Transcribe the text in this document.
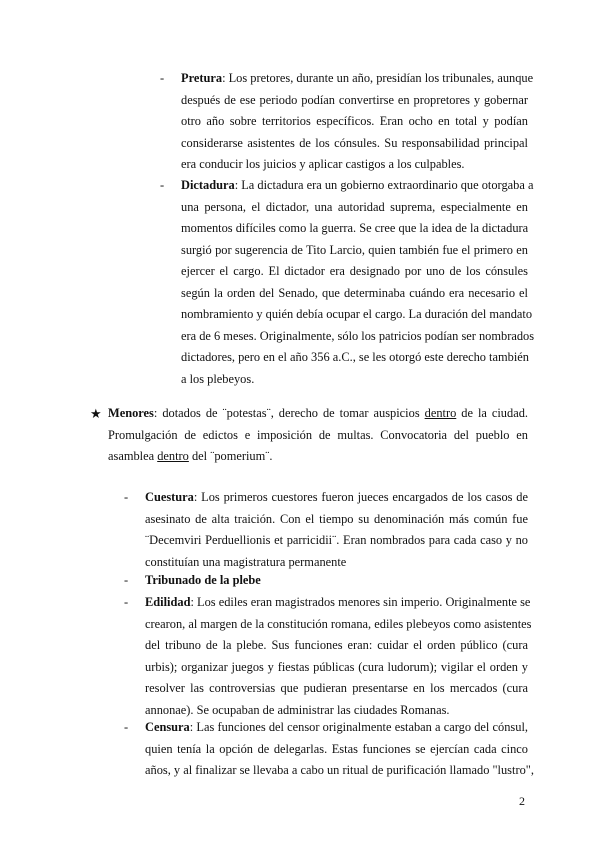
-	Pretura: Los pretores, durante un año, presidían los tribunales, aunque
después de ese periodo podían convertirse en propretores y gobernar
otro año sobre territorios específicos. Eran ocho en total y podían
considerarse asistentes de los cónsules. Su responsabilidad principal
era conducir los juicios y aplicar castigos a los culpables.
-	Dictadura: La dictadura era un gobierno extraordinario que otorgaba a
una persona, el dictador, una autoridad suprema, especialmente en
momentos difíciles como la guerra. Se cree que la idea de la dictadura
surgió por sugerencia de Tito Larcio, quien también fue el primero en
ejercer el cargo. El dictador era designado por uno de los cónsules
según la orden del Senado, que determinaba cuándo era necesario el
nombramiento y quién debía ocupar el cargo. La duración del mandato
era de 6 meses. Originalmente, sólo los patricios podían ser nombrados
dictadores, pero en el año 356 a.C., se les otorgó este derecho también
a los plebeyos.
★ Menores: dotados de ¨potestas¨, derecho de tomar auspicios dentro de la ciudad.
Promulgación de edictos e imposición de multas. Convocatoria del pueblo en
asamblea dentro del ¨pomerium¨.
-	Cuestura: Los primeros cuestores fueron jueces encargados de los casos de
asesinato de alta traición. Con el tiempo su denominación más común fue
¨Decemviri Perduellionis et parricidii¨. Eran nombrados para cada caso y no
constituían una magistratura permanente
-	Tribunado de la plebe
-	Edilidad: Los ediles eran magistrados menores sin imperio. Originalmente se
crearon, al margen de la constitución romana, ediles plebeyos como asistentes
del tribuno de la plebe. Sus funciones eran: cuidar el orden público (cura
urbis); organizar juegos y fiestas públicas (cura ludorum); vigilar el orden y
resolver las controversias que pudieran presentarse en los mercados (cura
annonae). Se ocupaban de administrar las ciudades Romanas.
-	Censura: Las funciones del censor originalmente estaban a cargo del cónsul,
quien tenía la opción de delegarlas. Estas funciones se ejercían cada cinco
años, y al finalizar se llevaba a cabo un ritual de purificación llamado "lustro",
2
